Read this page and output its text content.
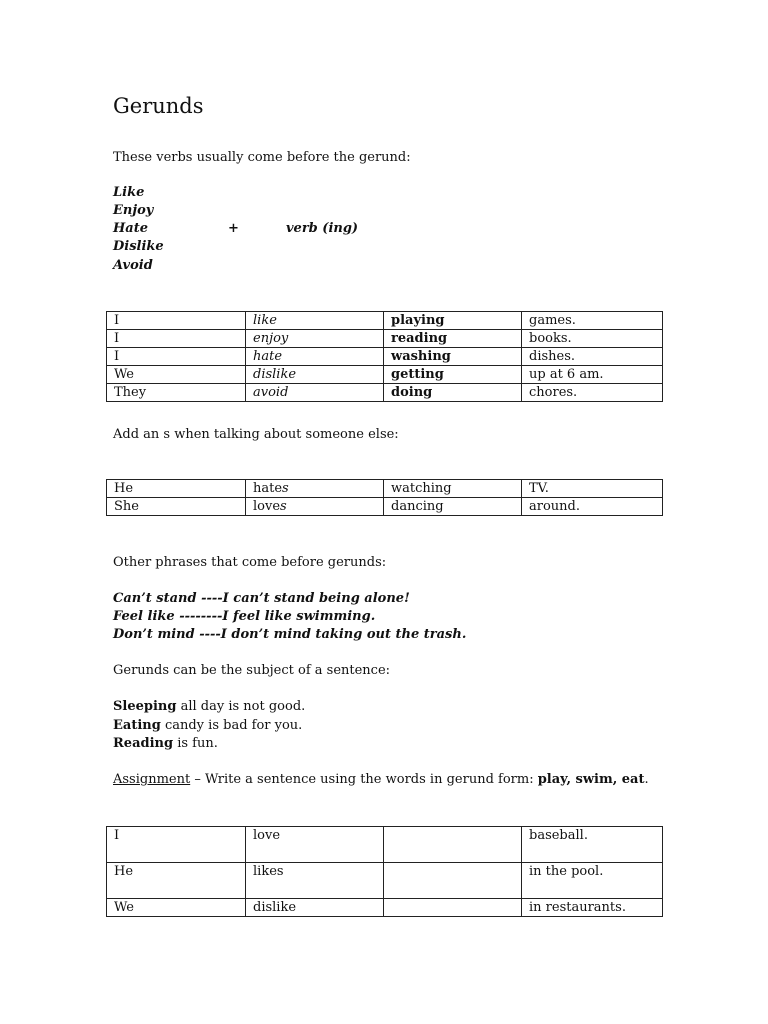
Gerunds
These verbs usually come before the gerund:
Like
Enjoy
Hate	+	verb (ing)
Dislike
Avoid
I	like	playing	games.
I	enjoy	reading	books.
I	hate	washing	dishes.
We	dislike	getting	up at 6 am.
They	avoid	doing	chores.
Add an s when talking about someone else:
He	hates	watching	TV.
She	loves	dancing	around.
Other phrases that come before gerunds:
Can’t stand ----I can’t stand being alone!
Feel like --------I feel like swimming.
Don’t mind ----I don’t mind taking out the trash.
Gerunds can be the subject of a sentence:
Sleeping all day is not good.
Eating candy is bad for you.
Reading is fun.
Assignment – Write a sentence using the words in gerund form: play, swim, eat.
I	love		baseball.
He	likes		in the pool.
We	dislike		in restaurants.
